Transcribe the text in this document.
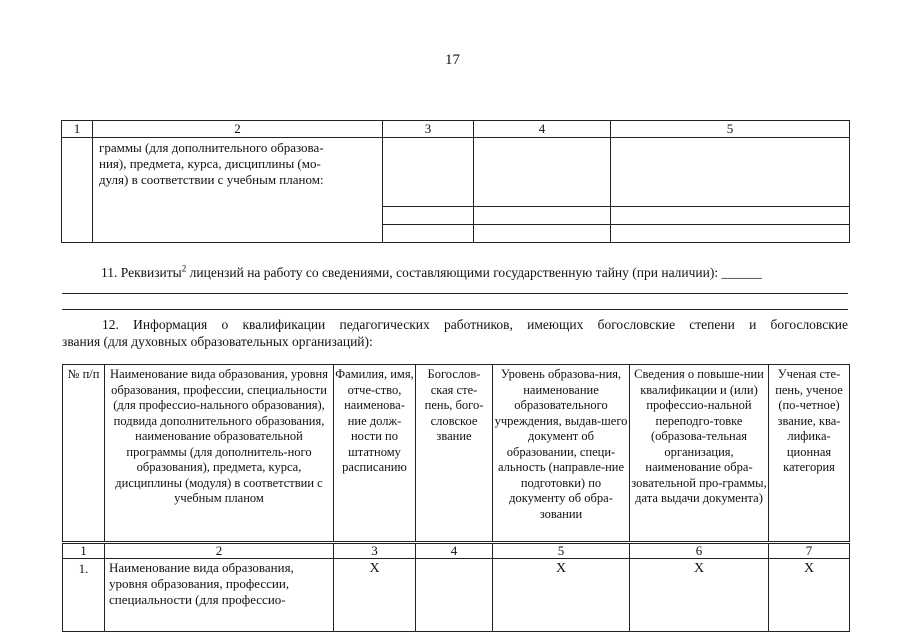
17
1	2	3	4	5

	граммы (для дополнительного образова-
ния), предмета, курса, дисциплины (мо-
дуля) в соответствии с учебным планом:			

11. Реквизиты$^2$ лицензий на работу со сведениями, составляющими государственную тайну (при наличии): ______
12. Информация о квалификации педагогических работников, имеющих богословские степени и богословские
звания (для духовных образовательных организаций):
№ п/п	Наименование вида образования, уровня образования, профессии, специальности (для профессио-нального образования), подвида дополнительного образования, наименование образовательной программы (для дополнитель-ного образования), предмета, курса, дисциплины (модуля) в соответствии с учебным планом	Фамилия, имя, отче-ство, наименова-ние долж-ности по штатному расписанию	Богослов-ская сте-пень, бого-словское звание	Уровень образова-ния, наименование образовательного учреждения, выдав-шего документ об образовании, специ-альность (направле-ние подготовки) по документу об обра-зовании	Сведения о повыше-нии квалификации и (или) профессио-нальной переподго-товке (образова-тельная организация, наименование обра-зовательной про-граммы, дата выдачи документа)	Ученая сте-пень, ученое (по-четное) звание, ква-лифика-ционная категория
1	2	3	4	5	6	7
1.	Наименование вида образования, уровня образования, профессии, специальности (для профессио-	Х		Х	Х	Х
